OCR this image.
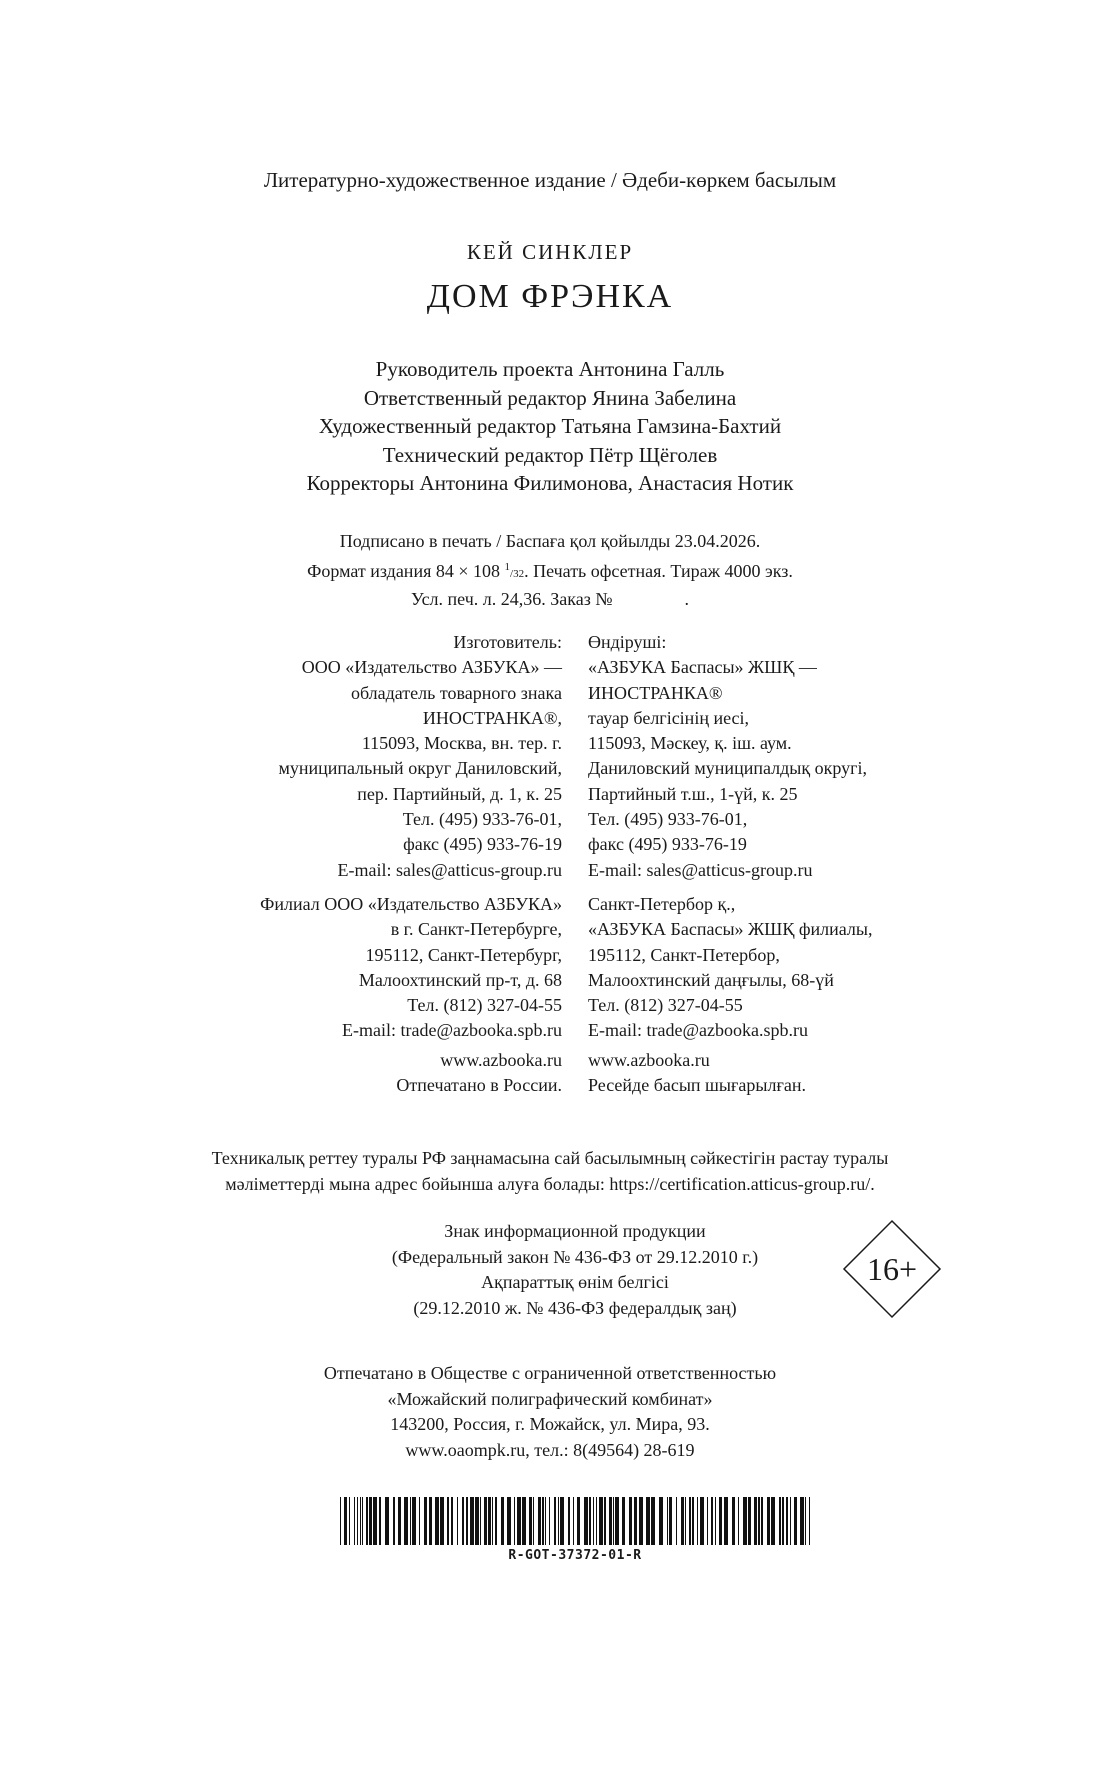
Литературно-художественное издание / Әдеби-көркем басылым
КЕЙ СИНКЛЕР
ДОМ ФРЭНКА
Руководитель проекта Антонина Галль
Ответственный редактор Янина Забелина
Художественный редактор Татьяна Гамзина-Бахтий
Технический редактор Пётр Щёголев
Корректоры Антонина Филимонова, Анастасия Нотик
Подписано в печать / Баспаға қол қойылды 23.04.2026.
Формат издания 84 × 108 $^1$/32. Печать офсетная. Тираж 4000 экз.
Усл. печ. л. 24,36. Заказ №                .
Изготовитель:
ООО «Издательство АЗБУКА» —
обладатель товарного знака
ИНОСТРАНКА®,
115093, Москва, вн. тер. г.
муниципальный округ Даниловский,
пер. Партийный, д. 1, к. 25
Тел. (495) 933-76-01,
факс (495) 933-76-19
E-mail: sales@atticus-group.ru
Өндіруші:
«АЗБУКА Баспасы» ЖШҚ —
ИНОСТРАНКА®
тауар белгісінің иесі,
115093, Мәскеу, қ. іш. аум.
Даниловский муниципалдық округі,
Партийный т.ш., 1-үй, к. 25
Тел. (495) 933-76-01,
факс (495) 933-76-19
E-mail: sales@atticus-group.ru
Филиал ООО «Издательство АЗБУКА»
в г. Санкт-Петербурге,
195112, Санкт-Петербург,
Малоохтинский пр-т, д. 68
Тел. (812) 327-04-55
E-mail: trade@azbooka.spb.ru
Санкт-Петербор қ.,
«АЗБУКА Баспасы» ЖШҚ филиалы,
195112, Санкт-Петербор,
Малоохтинский даңғылы, 68-үй
Тел. (812) 327-04-55
E-mail: trade@azbooka.spb.ru
www.azbooka.ru
Отпечатано в России.
www.azbooka.ru
Ресейде басып шығарылған.
Техникалық реттеу туралы РФ заңнамасына сай басылымның сәйкестігін растау туралы
мәліметтерді мына адрес бойынша алуға болады: https://certification.atticus-group.ru/.
Знак информационной продукции
(Федеральный закон № 436-ФЗ от 29.12.2010 г.)
Ақпараттық өнім белгісі
(29.12.2010 ж. № 436-ФЗ федералдық заң)
16+
Отпечатано в Обществе с ограниченной ответственностью
«Можайский полиграфический комбинат»
143200, Россия, г. Можайск, ул. Мира, 93.
www.oaompk.ru, тел.: 8(49564) 28-619
R-GOT-37372-01-R
